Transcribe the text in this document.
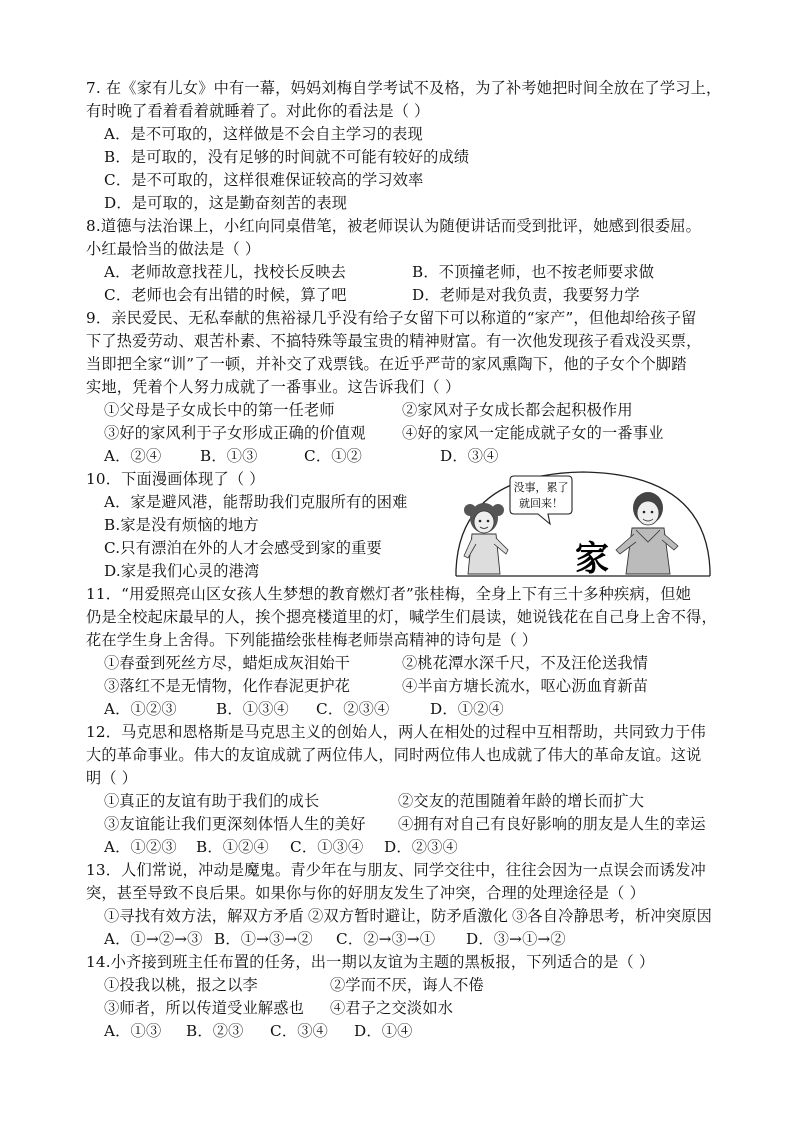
7. 在《家有儿女》中有一幕，妈妈刘梅自学考试不及格，为了补考她把时间全放在了学习上，
有时晚了看着看着就睡着了。对此你的看法是（ ）
A．是不可取的，这样做是不会自主学习的表现
B．是可取的，没有足够的时间就不可能有较好的成绩
C．是不可取的，这样很难保证较高的学习效率
D．是可取的，这是勤奋刻苦的表现
8.道德与法治课上，小红向同桌借笔，被老师误认为随便讲话而受到批评，她感到很委屈。
小红最恰当的做法是（ ）
A．老师故意找茬儿，找校长反映去	B．不顶撞老师，也不按老师要求做
C．老师也会有出错的时候，算了吧	D．老师是对我负责，我要努力学
9．亲民爱民、无私奉献的焦裕禄几乎没有给子女留下可以称道的“家产”，但他却给孩子留
下了热爱劳动、艰苦朴素、不搞特殊等最宝贵的精神财富。有一次他发现孩子看戏没买票，
当即把全家“训”了一顿，并补交了戏票钱。在近乎严苛的家风熏陶下，他的子女个个脚踏
实地，凭着个人努力成就了一番事业。这告诉我们（ ）
①父母是子女成长中的第一任老师	②家风对子女成长都会起积极作用
③好的家风利于子女形成正确的价值观 ④好的家风一定能成就子女的一番事业
A．②④	B．①③	C．①②	D．③④
10．下面漫画体现了（ ）
A．家是避风港，能帮助我们克服所有的困难
B.家是没有烦恼的地方
C.只有漂泊在外的人才会感受到家的重要
D.家是我们心灵的港湾
没事，累了
就回来！
家
11．“用爱照亮山区女孩人生梦想的教育燃灯者”张桂梅，全身上下有三十多种疾病，但她
仍是全校起床最早的人，挨个摁亮楼道里的灯，喊学生们晨读，她说钱花在自己身上舍不得，
花在学生身上舍得。下列能描绘张桂梅老师崇高精神的诗句是（ ）
①春蚕到死丝方尽，蜡炬成灰泪始干	②桃花潭水深千尺，不及汪伦送我情
③落红不是无情物，化作春泥更护花	④半亩方塘长流水，呕心沥血育新苗
A．①②③	B．①③④ C．②③④	D．①②④
12．马克思和恩格斯是马克思主义的创始人，两人在相处的过程中互相帮助，共同致力于伟
大的革命事业。伟大的友谊成就了两位伟人，同时两位伟人也成就了伟大的革命友谊。这说
明（ ）
①真正的友谊有助于我们的成长	②交友的范围随着年龄的增长而扩大
③友谊能让我们更深刻体悟人生的美好 ④拥有对自己有良好影响的朋友是人生的幸运
A．①②③ B．①②④ C．①③④ D．②③④
13．人们常说，冲动是魔鬼。青少年在与朋友、同学交往中，往往会因为一点误会而诱发冲
突，甚至导致不良后果。如果你与你的好朋友发生了冲突，合理的处理途径是（ ）
①寻找有效方法，解双方矛盾 ②双方暂时避让，防矛盾激化 ③各自冷静思考，析冲突原因
A．①→②→③ B．①→③→② C．②→③→① D．③→①→②
14.小齐接到班主任布置的任务，出一期以友谊为主题的黑板报，下列适合的是（ ）
①投我以桃，报之以李	②学而不厌，诲人不倦
③师者，所以传道受业解惑也 ④君子之交淡如水
A．①③ B．②③ C．③④ D．①④
